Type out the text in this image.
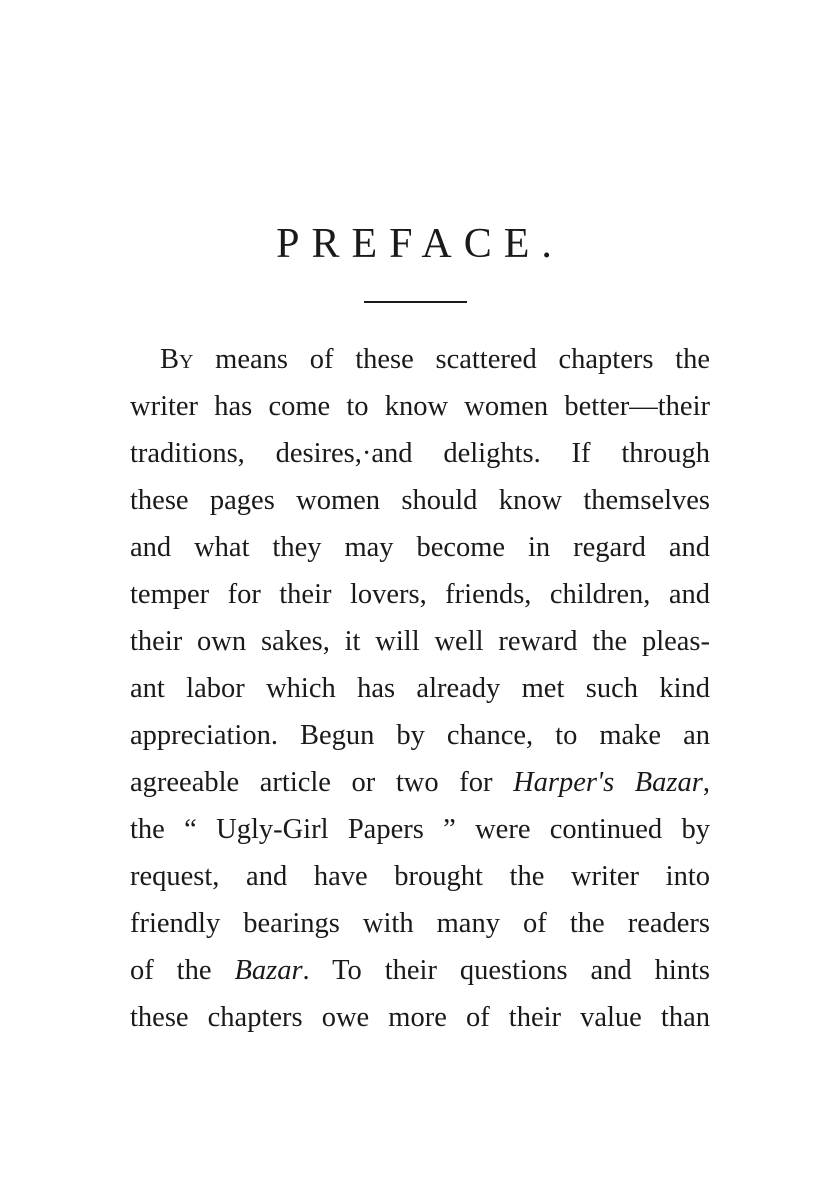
PREFACE.
By means of these scattered chapters the
writer has come to know women better—their
traditions, desires,·and delights. If through
these pages women should know themselves
and what they may become in regard and
temper for their lovers, friends, children, and
their own sakes, it will well reward the pleas-
ant labor which has already met such kind
appreciation. Begun by chance, to make an
agreeable article or two for Harper's Bazar,
the “ Ugly-Girl Papers ” were continued by
request, and have brought the writer into
friendly bearings with many of the readers
of the Bazar. To their questions and hints
these chapters owe more of their value than
